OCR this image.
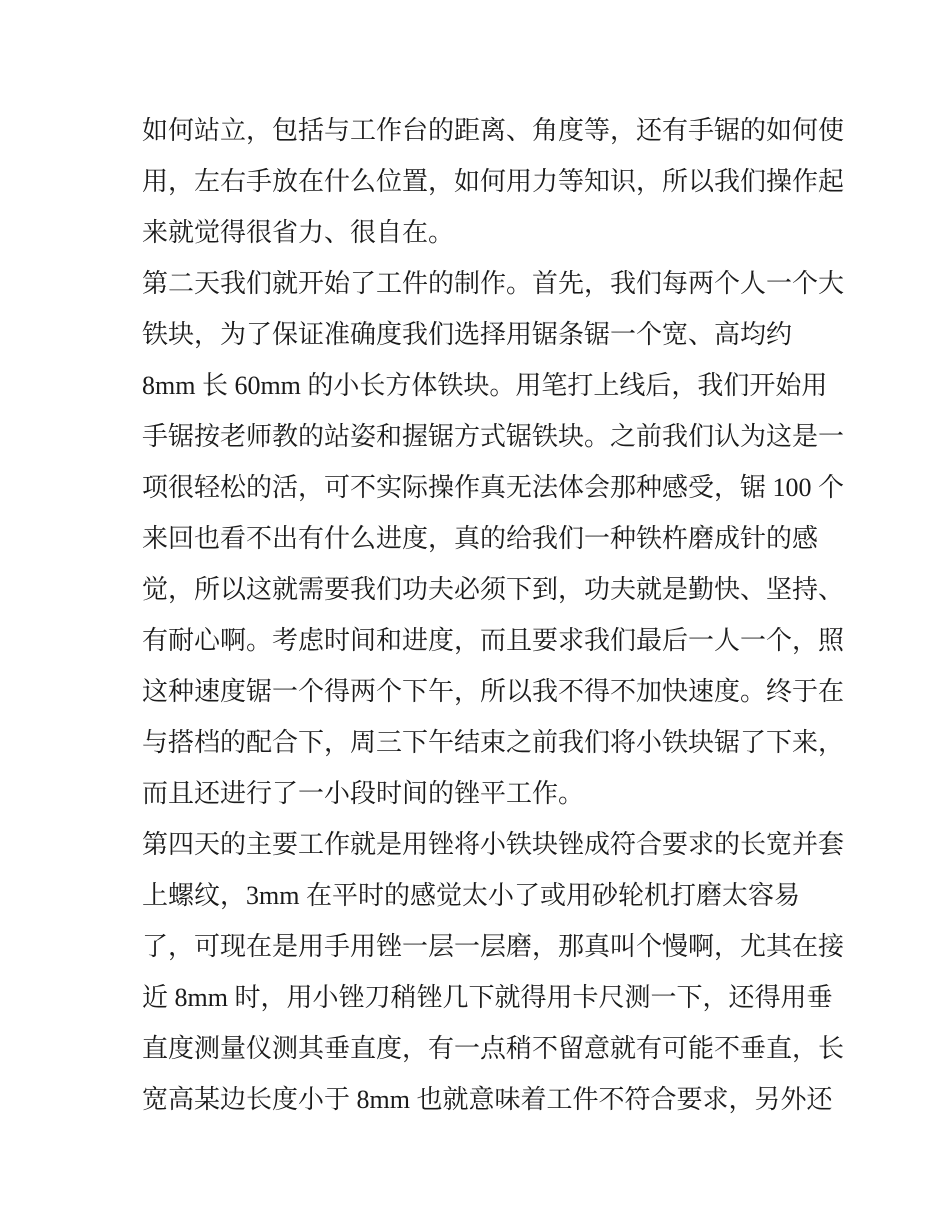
如何站立，包括与工作台的距离、角度等，还有手锯的如何使
用，左右手放在什么位置，如何用力等知识，所以我们操作起
来就觉得很省力、很自在。
第二天我们就开始了工件的制作。首先，我们每两个人一个大
铁块，为了保证准确度我们选择用锯条锯一个宽、高均约
8mm 长 60mm 的小长方体铁块。用笔打上线后，我们开始用
手锯按老师教的站姿和握锯方式锯铁块。之前我们认为这是一
项很轻松的活，可不实际操作真无法体会那种感受，锯 100 个
来回也看不出有什么进度，真的给我们一种铁杵磨成针的感
觉，所以这就需要我们功夫必须下到，功夫就是勤快、坚持、
有耐心啊。考虑时间和进度，而且要求我们最后一人一个，照
这种速度锯一个得两个下午，所以我不得不加快速度。终于在
与搭档的配合下，周三下午结束之前我们将小铁块锯了下来，
而且还进行了一小段时间的锉平工作。
第四天的主要工作就是用锉将小铁块锉成符合要求的长宽并套
上螺纹，3mm 在平时的感觉太小了或用砂轮机打磨太容易
了，可现在是用手用锉一层一层磨，那真叫个慢啊，尤其在接
近 8mm 时，用小锉刀稍锉几下就得用卡尺测一下，还得用垂
直度测量仪测其垂直度，有一点稍不留意就有可能不垂直，长
宽高某边长度小于 8mm 也就意味着工件不符合要求，另外还
